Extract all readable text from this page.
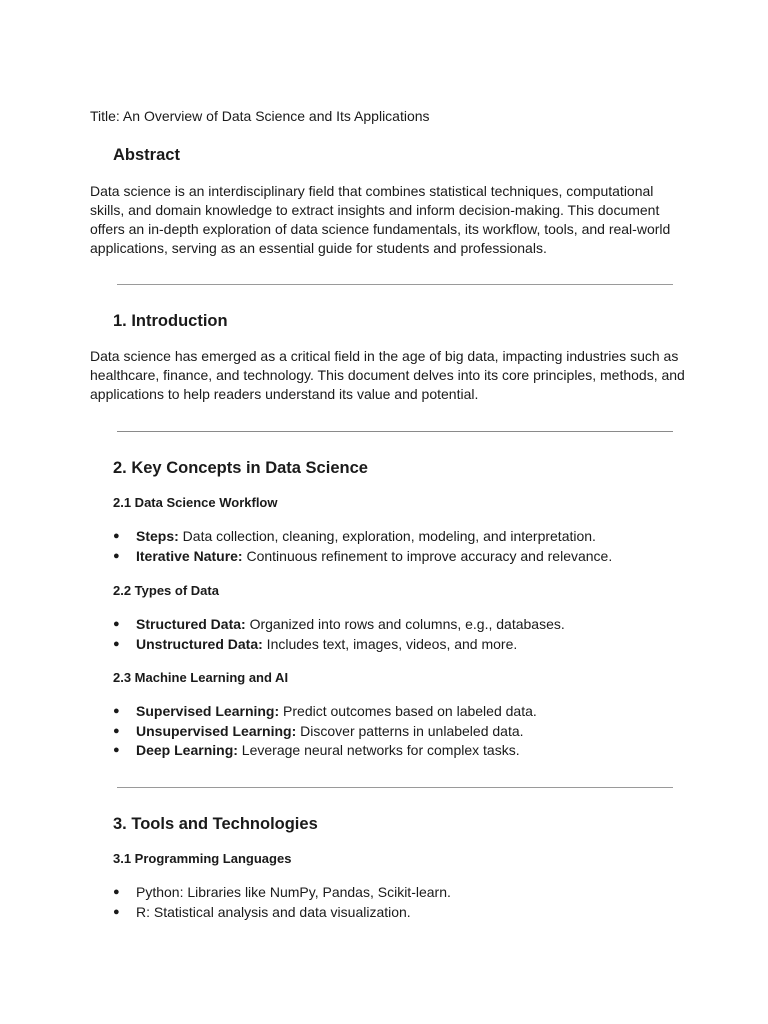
Title: An Overview of Data Science and Its Applications
Abstract
Data science is an interdisciplinary field that combines statistical techniques, computational
skills, and domain knowledge to extract insights and inform decision-making. This document
offers an in-depth exploration of data science fundamentals, its workflow, tools, and real-world
applications, serving as an essential guide for students and professionals.
1. Introduction
Data science has emerged as a critical field in the age of big data, impacting industries such as
healthcare, finance, and technology. This document delves into its core principles, methods, and
applications to help readers understand its value and potential.
2. Key Concepts in Data Science
2.1 Data Science Workflow
● Steps: Data collection, cleaning, exploration, modeling, and interpretation.
● Iterative Nature: Continuous refinement to improve accuracy and relevance.
2.2 Types of Data
● Structured Data: Organized into rows and columns, e.g., databases.
● Unstructured Data: Includes text, images, videos, and more.
2.3 Machine Learning and AI
● Supervised Learning: Predict outcomes based on labeled data.
● Unsupervised Learning: Discover patterns in unlabeled data.
● Deep Learning: Leverage neural networks for complex tasks.
3. Tools and Technologies
3.1 Programming Languages
● Python: Libraries like NumPy, Pandas, Scikit-learn.
● R: Statistical analysis and data visualization.
